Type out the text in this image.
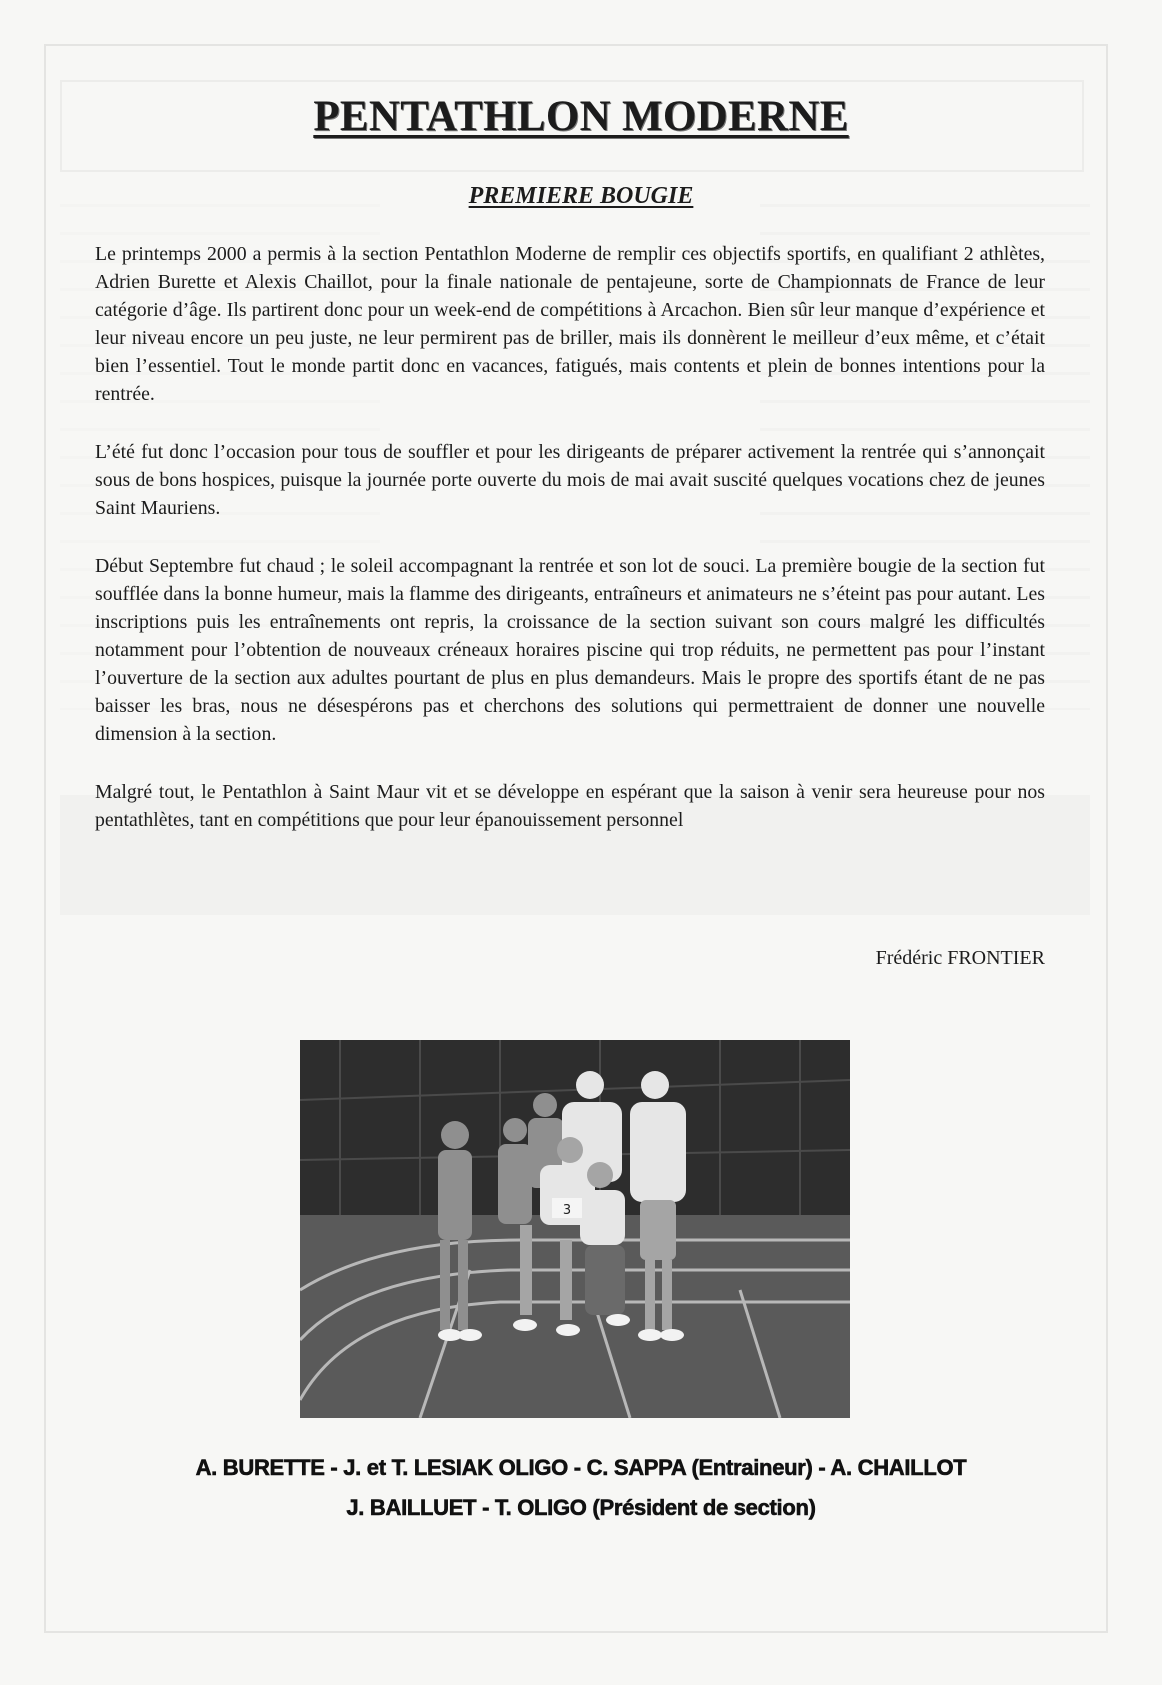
PENTATHLON MODERNE
PREMIERE BOUGIE

Le printemps 2000 a permis à la section Pentathlon Moderne de remplir ces objectifs sportifs, en qualifiant 2 athlètes, Adrien Burette et Alexis Chaillot, pour la finale nationale de pentajeune, sorte de Championnats de France de leur catégorie d’âge. Ils partirent donc pour un week-end de compétitions à Arcachon. Bien sûr leur manque d’expérience et leur niveau encore un peu juste, ne leur permirent pas de briller, mais ils donnèrent le meilleur d’eux même, et c’était bien l’essentiel. Tout le monde partit donc en vacances, fatigués, mais contents et plein de bonnes intentions pour la rentrée.

L’été fut donc l’occasion pour tous de souffler et pour les dirigeants de préparer activement la rentrée qui s’annonçait sous de bons hospices, puisque la journée porte ouverte du mois de mai avait suscité quelques vocations chez de jeunes Saint Mauriens.

Début Septembre fut chaud ; le soleil accompagnant la rentrée et son lot de souci. La première bougie de la section fut soufflée dans la bonne humeur, mais la flamme des dirigeants, entraîneurs et animateurs ne s’éteint pas pour autant. Les inscriptions puis les entraînements ont repris, la croissance de la section suivant son cours malgré les difficultés notamment pour l’obtention de nouveaux créneaux horaires piscine qui trop réduits, ne permettent pas pour l’instant l’ouverture de la section aux adultes pourtant de plus en plus demandeurs. Mais le propre des sportifs étant de ne pas baisser les bras, nous ne désespérons pas et cherchons des solutions qui permettraient de donner une nouvelle dimension à la section.

Malgré tout, le Pentathlon à Saint Maur vit et se développe en espérant que la saison à venir sera heureuse pour nos pentathlètes, tant en compétitions que pour leur épanouissement personnel

Frédéric FRONTIER
3
A. BURETTE - J. et T. LESIAK OLIGO - C. SAPPA (Entraineur) - A. CHAILLOT
J. BAILLUET - T. OLIGO (Président de section)
